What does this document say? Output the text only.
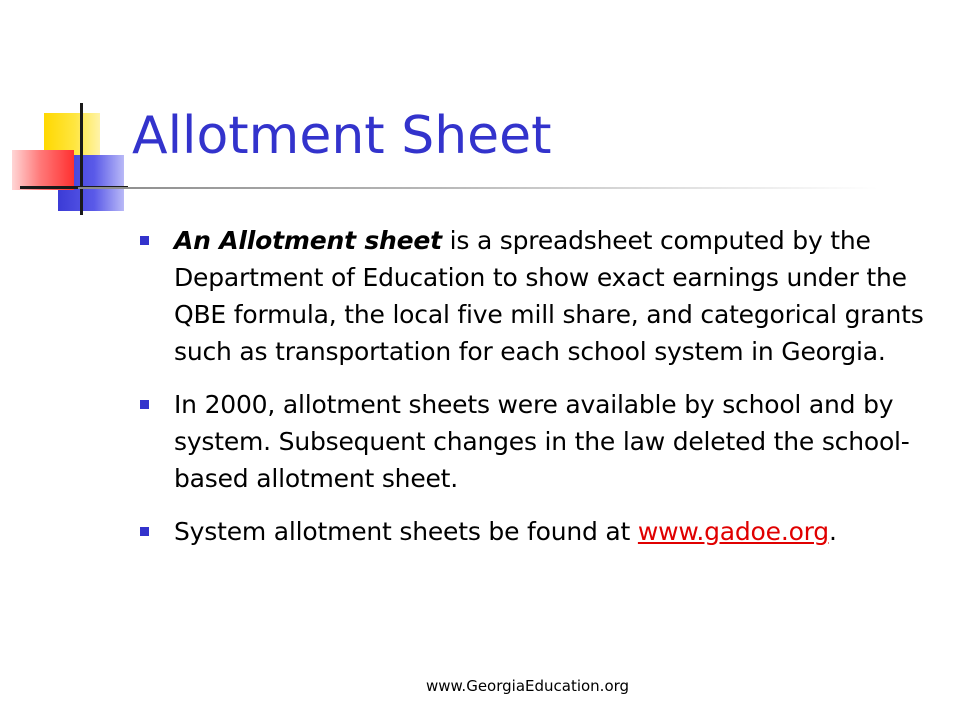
Allotment Sheet
An Allotment sheet is a spreadsheet computed by the Department of Education to show exact earnings under the QBE formula, the local five mill share, and categorical grants such as transportation for each school system in Georgia.
In 2000, allotment sheets were available by school and by system. Subsequent changes in the law deleted the school-based allotment sheet.
System allotment sheets be found at www.gadoe.org.
www.GeorgiaEducation.org
